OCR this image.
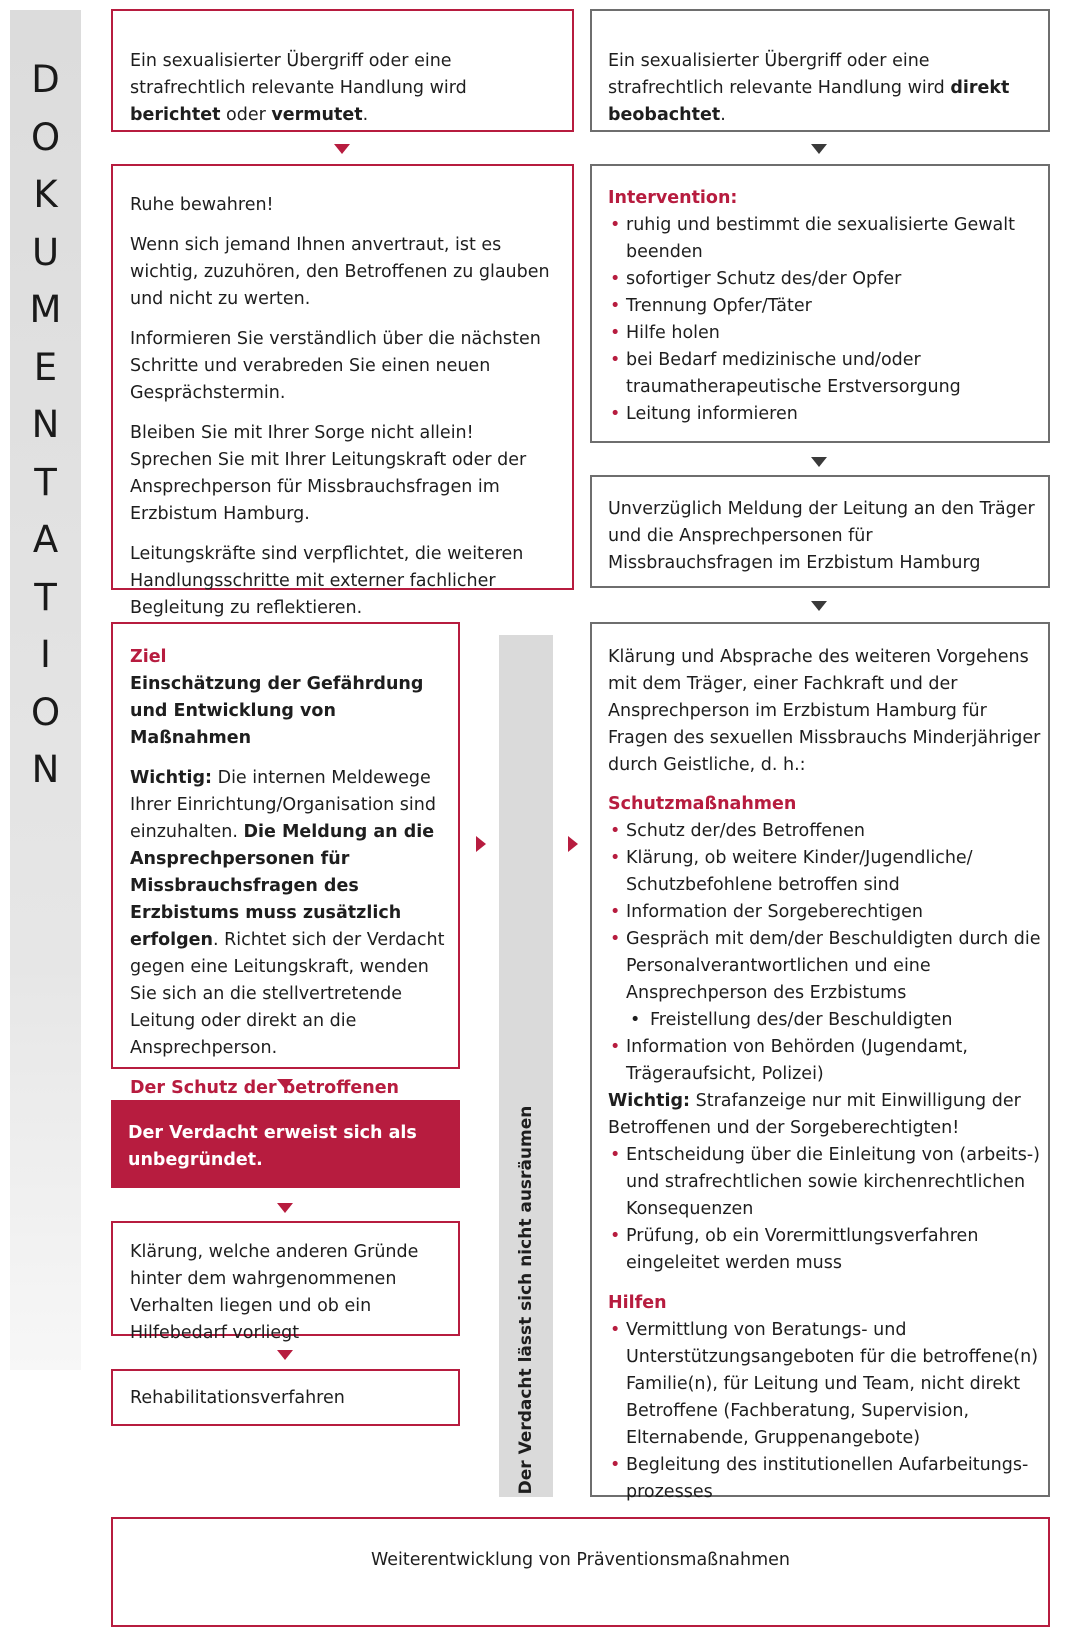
D
O
K
U
M
E
N
T
A
T
I
O
N
Ein sexualisierter Übergriff oder eine strafrechtlich relevante Handlung wird berichtet oder vermutet.
Ein sexualisierter Übergriff oder eine strafrechtlich relevante Handlung wird direkt beobachtet.

Ruhe bewahren!

Wenn sich jemand Ihnen anvertraut, ist es wichtig, zuzuhören, den Betroffenen zu glauben und nicht zu werten.

Informieren Sie verständlich über die nächsten Schritte und verabreden Sie einen neuen Gesprächstermin.

Bleiben Sie mit Ihrer Sorge nicht allein! Sprechen Sie mit Ihrer Leitungskraft oder der Ansprechperson für Missbrauchsfragen im Erzbistum Hamburg.

Leitungskräfte sind verpflichtet, die weiteren Handlungsschritte mit externer fachlicher Begleitung zu reflektieren.

Intervention:

• ruhig und bestimmt die sexualisierte Gewalt beenden
• sofortiger Schutz des/der Opfer
• Trennung Opfer/Täter
• Hilfe holen
• bei Bedarf medizinische und/oder traumatherapeutische Erstversorgung
• Leitung informieren

Unverzüglich Meldung der Leitung an den Träger und die Ansprechpersonen für Missbrauchsfragen im Erzbistum Hamburg

Ziel

Einschätzung der Gefährdung und Entwicklung von Maßnahmen

Wichtig: Die internen Meldewege Ihrer Einrichtung/Organisation sind einzuhalten. Die Meldung an die Ansprechpersonen für Missbrauchsfragen des Erzbistums muss zusätzlich erfolgen. Richtet sich der Verdacht gegen eine Leitungskraft, wenden Sie sich an die stellvertretende Leitung oder direkt an die Ansprechperson.

Der Schutz der betroffenen

Der Verdacht erweist sich als unbegründet.

Klärung, welche anderen Gründe hinter dem wahrgenommenen Verhalten liegen und ob ein Hilfebedarf vorliegt

Rehabilitationsverfahren	Der Verdacht lässt sich nicht ausräumen

Klärung und Absprache des weiteren Vorgehens mit dem Träger, einer Fachkraft und der Ansprechperson im Erzbistum Hamburg für Fragen des sexuellen Missbrauchs Minderjähriger durch Geistliche, d. h.:

Schutzmaßnahmen

• Schutz der/des Betroffenen
• Klärung, ob weitere Kinder/Jugendliche/ Schutzbefohlene betroffen sind
• Information der Sorgeberechtigen
• Gespräch mit dem/der Beschuldigten durch die Personalverantwortlichen und eine Ansprechperson des Erzbistums
• Freistellung des/der Beschuldigten
• Information von Behörden (Jugendamt, Trägeraufsicht, Polizei)

Wichtig: Strafanzeige nur mit Einwilligung der Betroffenen und der Sorgeberechtigten!

• Entscheidung über die Einleitung von (arbeits-) und strafrechtlichen sowie kirchenrechtlichen Konsequenzen
• Prüfung, ob ein Vorermittlungsverfahren eingeleitet werden muss

Hilfen

• Vermittlung von Beratungs- und Unterstützungsangeboten für die betroffene(n) Familie(n), für Leitung und Team, nicht direkt Betroffene (Fachberatung, Supervision, Elternabende, Gruppenangebote)
• Begleitung des institutionellen Aufarbeitungsprozesses

Weiterentwicklung von Präventionsmaßnahmen
